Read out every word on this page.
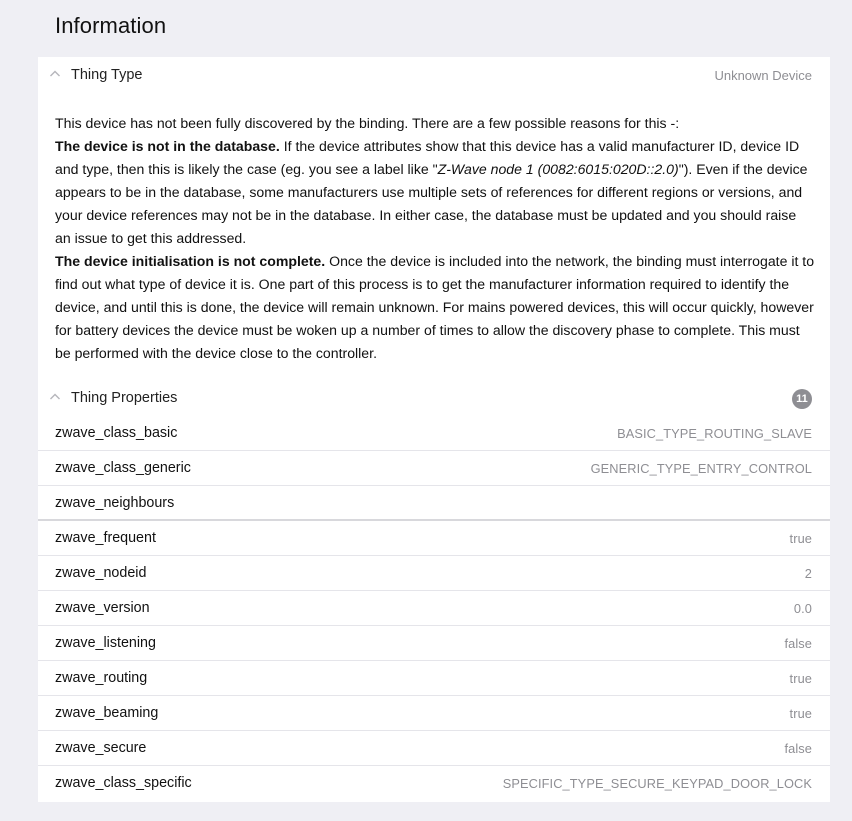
Information
Thing Type	Unknown Device

This device has not been fully discovered by the binding. There are a few possible reasons for this -:

The device is not in the database. If the device attributes show that this device has a valid manufacturer ID, device ID and type, then this is likely the case (eg. you see a label like "Z-Wave node 1 (0082:6015:020D::2.0)"). Even if the device appears to be in the database, some manufacturers use multiple sets of references for different regions or versions, and your device references may not be in the database. In either case, the database must be updated and you should raise an issue to get this addressed.

The device initialisation is not complete. Once the device is included into the network, the binding must interrogate it to find out what type of device it is. One part of this process is to get the manufacturer information required to identify the device, and until this is done, the device will remain unknown. For mains powered devices, this will occur quickly, however for battery devices the device must be woken up a number of times to allow the discovery phase to complete. This must be performed with the device close to the controller.

Thing Properties	11
zwave_class_basic	BASIC_TYPE_ROUTING_SLAVE
zwave_class_generic	GENERIC_TYPE_ENTRY_CONTROL
zwave_neighbours
zwave_frequent	true
zwave_nodeid	2
zwave_version	0.0
zwave_listening	false
zwave_routing	true
zwave_beaming	true
zwave_secure	false
zwave_class_specific	SPECIFIC_TYPE_SECURE_KEYPAD_DOOR_LOCK
